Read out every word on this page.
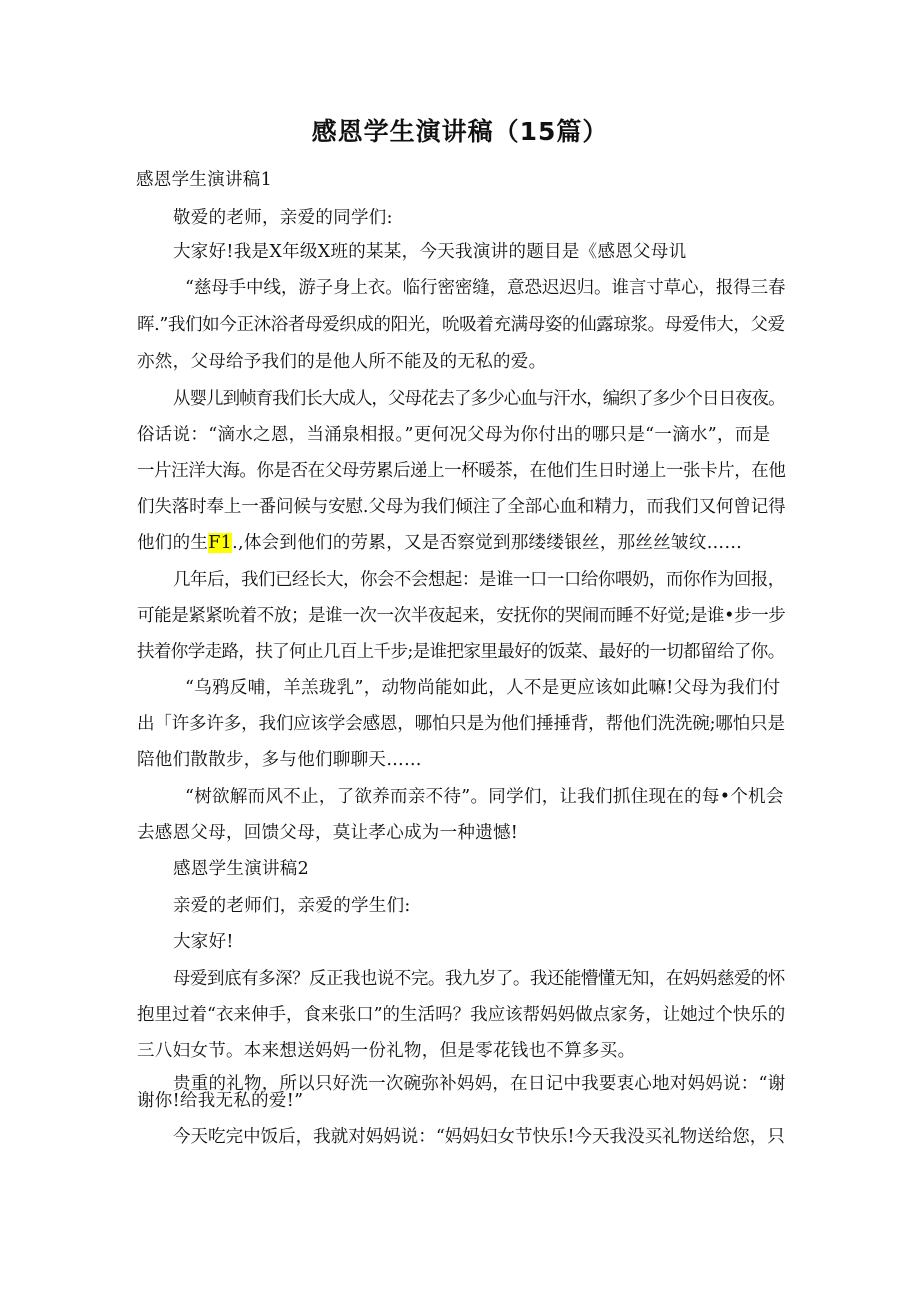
感恩学生演讲稿（15篇）
感恩学生演讲稿1
敬爱的老师，亲爱的同学们:
大家好!我是X年级X班的某某，今天我演讲的题目是《感恩父母讥
“慈母手中线，游子身上衣。临行密密缝，意恐迟迟归。谁言寸草心，报得三春
晖.”我们如今正沐浴者母爱织成的阳光，吮吸着充满母姿的仙露琼浆。母爱伟大，父爱
亦然，父母给予我们的是他人所不能及的无私的爱。
从婴儿到帧育我们长大成人，父母花去了多少心血与汗水，编织了多少个日日夜夜。
俗话说：“滴水之恩，当涌泉相报。”更何况父母为你付出的哪只是“一滴水”，而是
一片汪洋大海。你是否在父母劳累后递上一杯暖茶，在他们生日时递上一张卡片，在他
们失落时奉上一番问候与安慰.父母为我们倾注了全部心血和精力，而我们又何曾记得
他们的生F1.,体会到他们的劳累，又是否察觉到那缕缕银丝，那丝丝皱纹……
几年后，我们已经长大，你会不会想起：是谁一口一口给你喂奶，而你作为回报，
可能是紧紧吮着不放；是谁一次一次半夜起来，安抚你的哭闹而睡不好觉;是谁•步一步
扶着你学走路，扶了何止几百上千步;是谁把家里最好的饭菜、最好的一切都留给了你。
“乌鸦反哺，羊羔珑乳”，动物尚能如此，人不是更应该如此嘛!父母为我们付
出「许多许多，我们应该学会感恩，哪怕只是为他们捶捶背，帮他们洗洗碗;哪怕只是
陪他们散散步，多与他们聊聊天……
“树欲解而风不止，了欲养而亲不待”。同学们，让我们抓住现在的每•个机会
去感恩父母，回馈父母，莫让孝心成为一种遗憾!
感恩学生演讲稿2
亲爱的老师们，亲爱的学生们:
大家好!
母爱到底有多深？反正我也说不完。我九岁了。我还能懵懂无知，在妈妈慈爱的怀
抱里过着“衣来伸手，食来张口”的生活吗？我应该帮妈妈做点家务，让她过个快乐的
三八妇女节。本来想送妈妈一份礼物，但是零花钱也不算多买。
贵重的礼物，所以只好洗一次碗弥补妈妈，在日记中我要衷心地对妈妈说：“谢
谢你!给我无私的爱!”
今天吃完中饭后，我就对妈妈说：“妈妈妇女节快乐!今天我没买礼物送给您，只
